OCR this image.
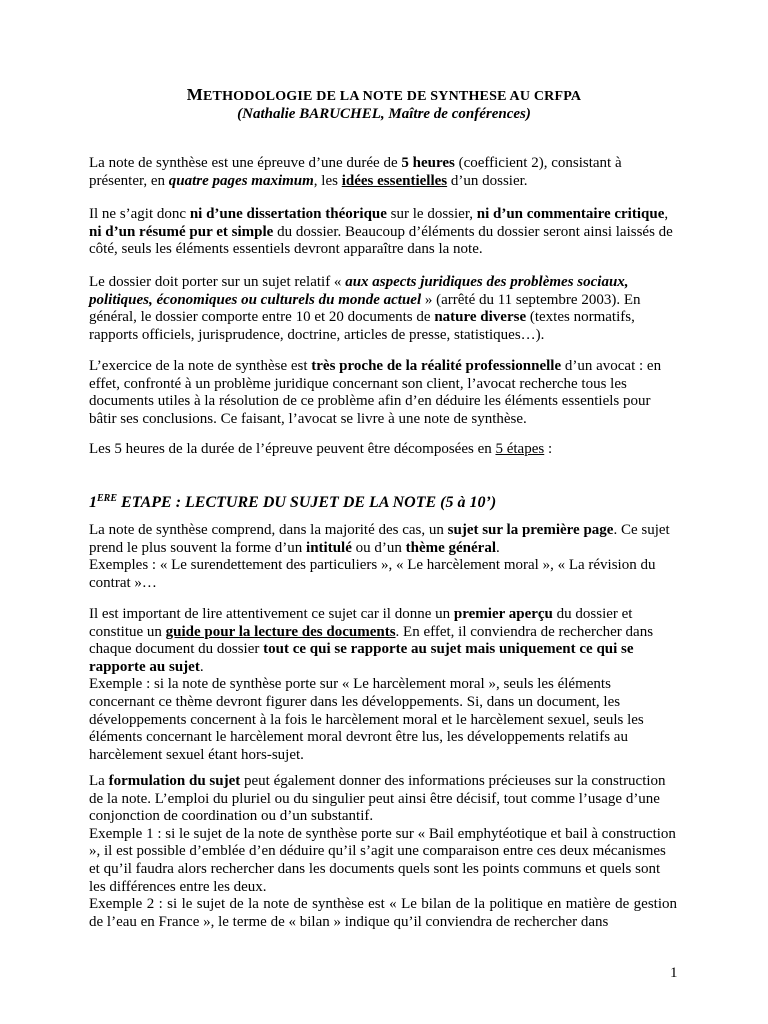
METHODOLOGIE DE LA NOTE DE SYNTHESE AU CRFPA
(Nathalie BARUCHEL, Maître de conférences)
La note de synthèse est une épreuve d’une durée de 5 heures (coefficient 2), consistant à présenter, en quatre pages maximum, les idées essentielles d’un dossier.
Il ne s’agit donc ni d’une dissertation théorique sur le dossier, ni d’un commentaire critique, ni d’un résumé pur et simple du dossier. Beaucoup d’éléments du dossier seront ainsi laissés de côté, seuls les éléments essentiels devront apparaître dans la note.
Le dossier doit porter sur un sujet relatif « aux aspects juridiques des problèmes sociaux, politiques, économiques ou culturels du monde actuel » (arrêté du 11 septembre 2003). En général, le dossier comporte entre 10 et 20 documents de nature diverse (textes normatifs, rapports officiels, jurisprudence, doctrine, articles de presse, statistiques…).
L’exercice de la note de synthèse est très proche de la réalité professionnelle d’un avocat : en effet, confronté à un problème juridique concernant son client, l’avocat recherche tous les documents utiles à la résolution de ce problème afin d’en déduire les éléments essentiels pour bâtir ses conclusions. Ce faisant, l’avocat se livre à une note de synthèse.
Les 5 heures de la durée de l’épreuve peuvent être décomposées en 5 étapes :
1ERE ETAPE : LECTURE DU SUJET DE LA NOTE (5 à 10’)
La note de synthèse comprend, dans la majorité des cas, un sujet sur la première page. Ce sujet prend le plus souvent la forme d’un intitulé ou d’un thème général.
Exemples : « Le surendettement des particuliers », « Le harcèlement moral », « La révision du contrat »…
Il est important de lire attentivement ce sujet car il donne un premier aperçu du dossier et constitue un guide pour la lecture des documents. En effet, il conviendra de rechercher dans chaque document du dossier tout ce qui se rapporte au sujet mais uniquement ce qui se rapporte au sujet.
Exemple : si la note de synthèse porte sur « Le harcèlement moral », seuls les éléments concernant ce thème devront figurer dans les développements. Si, dans un document, les développements concernent à la fois le harcèlement moral et le harcèlement sexuel, seuls les éléments concernant le harcèlement moral devront être lus, les développements relatifs au harcèlement sexuel étant hors-sujet.
La formulation du sujet peut également donner des informations précieuses sur la construction de la note. L’emploi du pluriel ou du singulier peut ainsi être décisif, tout comme l’usage d’une conjonction de coordination ou d’un substantif.
Exemple 1 : si le sujet de la note de synthèse porte sur « Bail emphytéotique et bail à construction », il est possible d’emblée d’en déduire qu’il s’agit une comparaison entre ces deux mécanismes et qu’il faudra alors rechercher dans les documents quels sont les points communs et quels sont les différences entre les deux.
Exemple 2 : si le sujet de la note de synthèse est « Le bilan de la politique en matière de gestion de l’eau en France », le terme de « bilan » indique qu’il conviendra de rechercher dans
1
